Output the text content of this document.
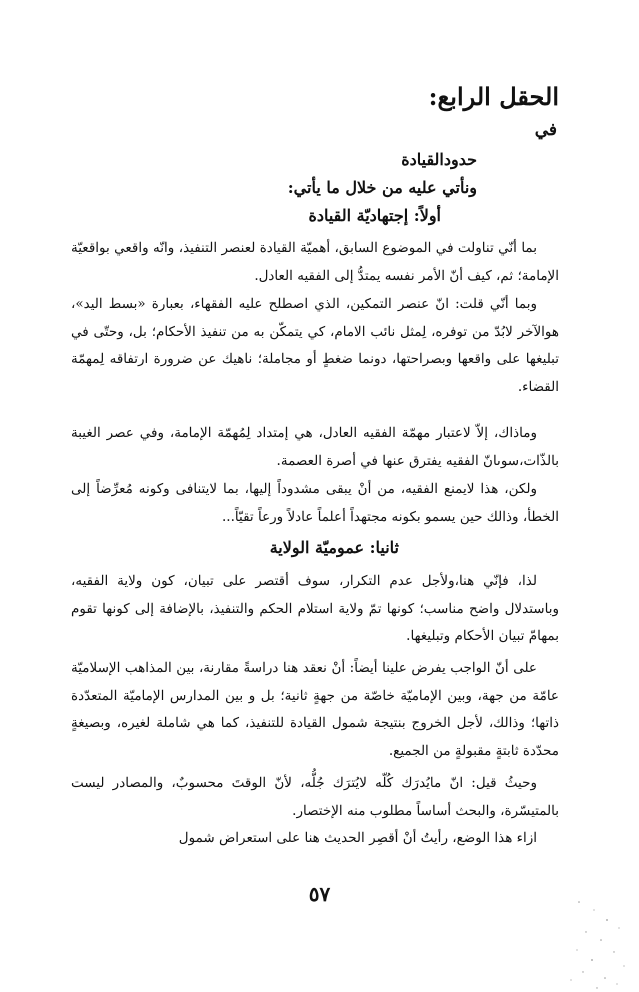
الحقل الرابع:
في
حدودالقيادة
ونأتي عليه من خلال ما يأتي:
أولاً: إجتهاديّة القيادة

بما أنّي تناولت في الموضوع السابق، أهميّة القيادة لعنصر التنفيذ، وانّه واقعي بواقعيّة الإمامة؛ ثم، كيف أنّ الأمر نفسه يمتدُّ إلى الفقيه العادل.

وبما أنّي قلت: انّ عنصر التمكين، الذي اصطلح عليه الفقهاء، بعبارة «بسط اليد»، هوالآخر لابُدّ من توفره، لِمثل نائب الامام، كي يتمكّن به من تنفيذ الأحكام؛ بل، وحتّى في تبليغها على واقعها وبصراحتها، دونما ضغطٍ أو مجاملة؛ ناهيك عن ضرورة ارتفاقه لِمهمّة القضاء.

وماذاك، إلاّ لاعتبار مهمّة الفقيه العادل، هي إمتداد لِمُهمّة الإمامة، وفي عصر الغيبة بالذّات،سوىانّ الفقيه يفترق عنها في أصرة العصمة.

ولكن، هذا لايمنع الفقيه، من أنْ يبقى مشدوداً إليها، بما لايتنافى وكونه مُعرِّضاً إلى الخطأ، وذالك حين يسمو بكونه مجتهداً أعلماً عادلاً ورعاً تقيّاً...

ثانيا: عموميّة الولاية

لذا، فإنّي هنا،ولأجل عدم التكرار، سوف أقتصر على تبيان، كون ولاية الفقيه، وباستدلال واضح مناسب؛ كونها تمّ ولاية استلام الحكم والتنفيذ، بالإضافة إلى كونها تقوم بمهامّ تبيان الأحكام وتبليغها.

على أنّ الواجب يفرض علينا أيضاً: أنْ نعقد هنا دراسةً مقارنة، بين المذاهب الإسلاميّة عامّة من جهة، وبين الإماميّة خاصّة من جهةٍ ثانية؛ بل و بين المدارس الإماميّة المتعدّدة ذاتها؛ وذالك، لأجل الخروج بنتيجة شمول القيادة للتنفيذ، كما هي شاملة لغيره، وبصيغةٍ محدّدة ثابتةٍ مقبولةٍ من الجميع.

وحيثُ قيل: انّ مايُدرَك كُلّه لايُترَك جُلُّه، لأنّ الوقتَ محسوبٌ، والمصادر ليست بالمتيسّرة، والبحث أساساً مطلوب منه الإختصار.

ازاء هذا الوضع، رأيتُ أنْ أقصِر الحديث هنا على استعراض شمول

٥٧
